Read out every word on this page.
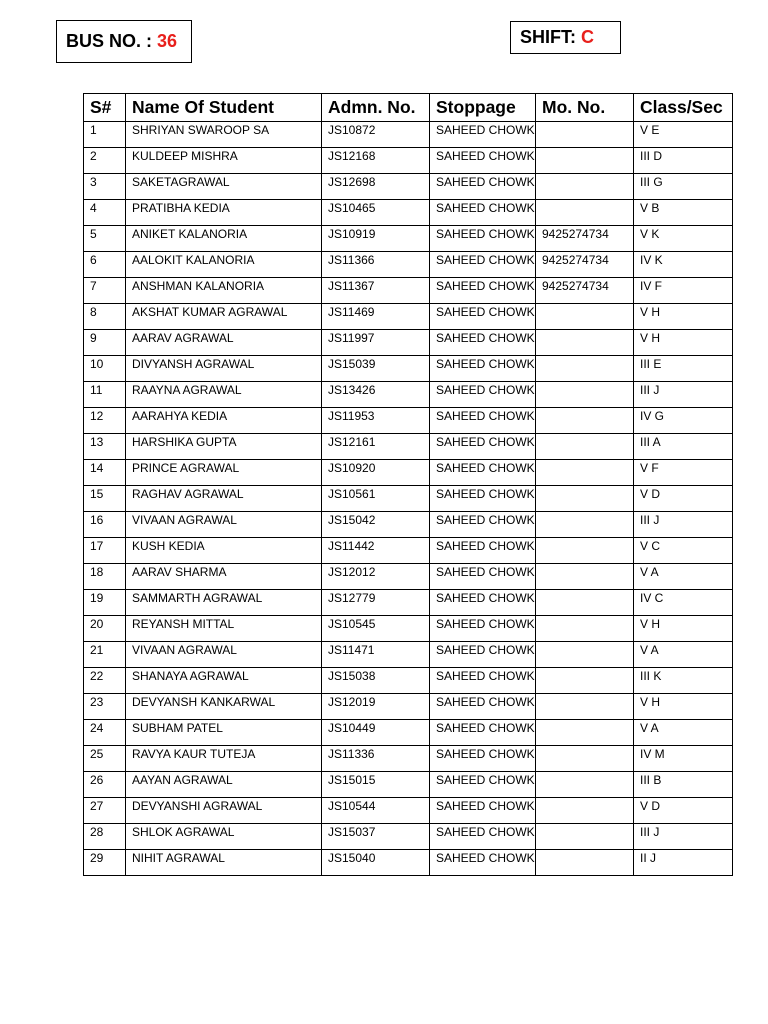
BUS NO. : 36	SHIFT: C
S#	Name Of Student	Admn. No.	Stoppage	Mo. No.	Class/Sec
1	SHRIYAN SWAROOP SA	JS10872	SAHEED CHOWK		V E
2	KULDEEP MISHRA	JS12168	SAHEED CHOWK		III D
3	SAKETAGRAWAL	JS12698	SAHEED CHOWK		III G
4	PRATIBHA KEDIA	JS10465	SAHEED CHOWK		V B
5	ANIKET KALANORIA	JS10919	SAHEED CHOWK	9425274734	V K
6	AALOKIT KALANORIA	JS11366	SAHEED CHOWK	9425274734	IV K
7	ANSHMAN KALANORIA	JS11367	SAHEED CHOWK	9425274734	IV F
8	AKSHAT KUMAR AGRAWAL	JS11469	SAHEED CHOWK		V H
9	AARAV AGRAWAL	JS11997	SAHEED CHOWK		V H
10	DIVYANSH AGRAWAL	JS15039	SAHEED CHOWK		III E
11	RAAYNA AGRAWAL	JS13426	SAHEED CHOWK		III J
12	AARAHYA KEDIA	JS11953	SAHEED CHOWK		IV G
13	HARSHIKA GUPTA	JS12161	SAHEED CHOWK		III A
14	PRINCE AGRAWAL	JS10920	SAHEED CHOWK		V F
15	RAGHAV AGRAWAL	JS10561	SAHEED CHOWK		V D
16	VIVAAN AGRAWAL	JS15042	SAHEED CHOWK		III J
17	KUSH KEDIA	JS11442	SAHEED CHOWK		V C
18	AARAV SHARMA	JS12012	SAHEED CHOWK		V A
19	SAMMARTH AGRAWAL	JS12779	SAHEED CHOWK		IV C
20	REYANSH MITTAL	JS10545	SAHEED CHOWK		V H
21	VIVAAN AGRAWAL	JS11471	SAHEED CHOWK		V A
22	SHANAYA AGRAWAL	JS15038	SAHEED CHOWK		III K
23	DEVYANSH KANKARWAL	JS12019	SAHEED CHOWK		V H
24	SUBHAM PATEL	JS10449	SAHEED CHOWK		V A
25	RAVYA KAUR TUTEJA	JS11336	SAHEED CHOWK		IV M
26	AAYAN AGRAWAL	JS15015	SAHEED CHOWK		III B
27	DEVYANSHI AGRAWAL	JS10544	SAHEED CHOWK		V D
28	SHLOK AGRAWAL	JS15037	SAHEED CHOWK		III J
29	NIHIT AGRAWAL	JS15040	SAHEED CHOWK		II J
